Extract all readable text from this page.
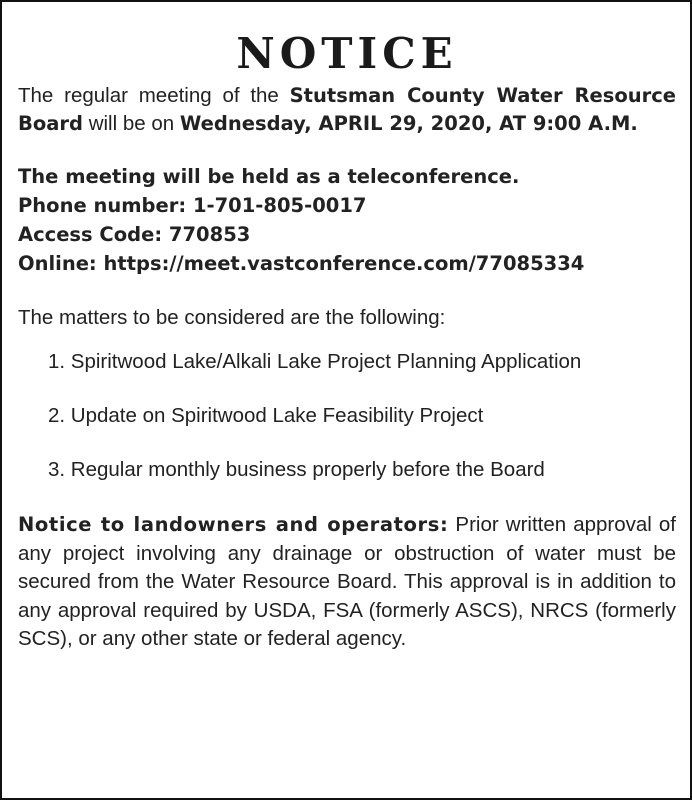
NOTICE

The regular meeting of the Stutsman County Water Resource Board will be on Wednesday, APRIL 29, 2020, AT 9:00 A.M.

The meeting will be held as a teleconference.
Phone number: 1-701-805-0017
Access Code: 770853
Online: https://meet.vastconference.com/77085334

The matters to be considered are the following:

1. Spiritwood Lake/Alkali Lake Project Planning Application
2. Update on Spiritwood Lake Feasibility Project
3. Regular monthly business properly before the Board

Notice to landowners and operators: Prior written approval of any project involving any drainage or obstruction of water must be secured from the Water Resource Board. This approval is in addition to any approval required by USDA, FSA (formerly ASCS), NRCS (formerly SCS), or any other state or federal agency.
